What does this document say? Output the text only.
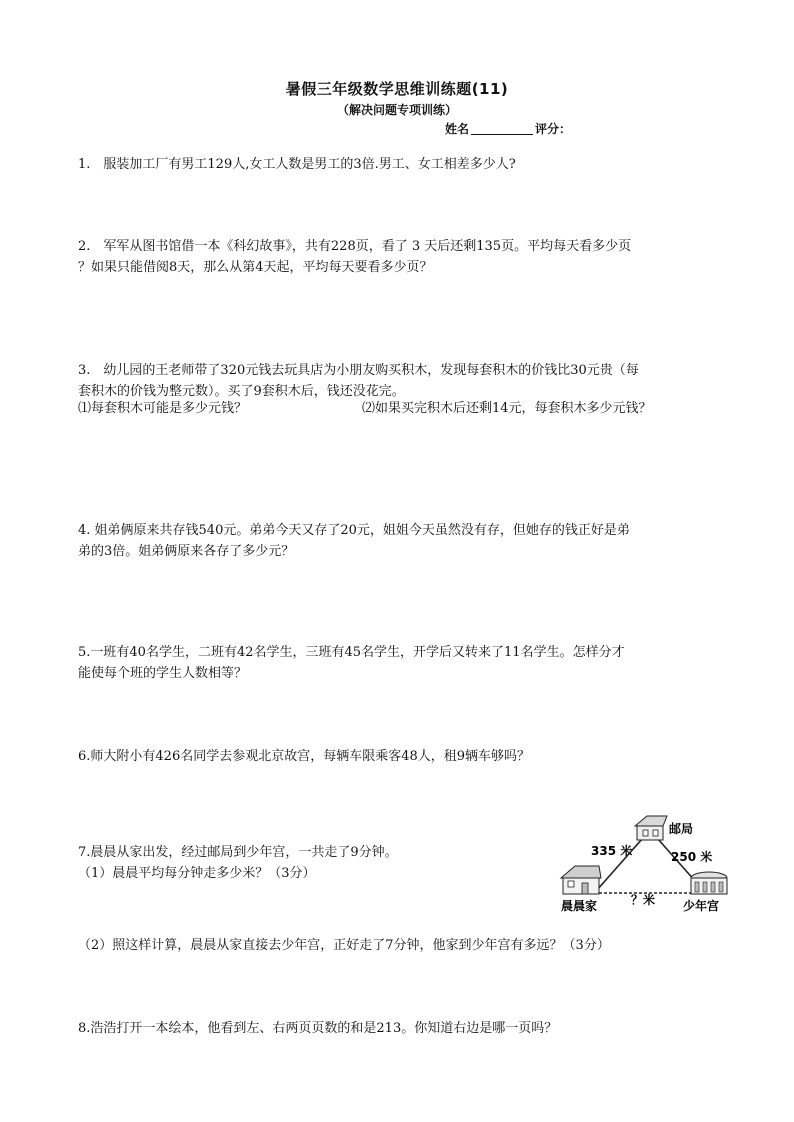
暑假三年级数学思维训练题(11)
（解决问题专项训练）
姓名	评分：
1.　服装加工厂有男工129人,女工人数是男工的3倍.男工、女工相差多少人?
2.　军军从图书馆借一本《科幻故事》，共有228页，看了 3 天后还剩135页。平均每天看多少页
？如果只能借阅8天，那么从第4天起，平均每天要看多少页？
3.　幼儿园的王老师带了320元钱去玩具店为小朋友购买积木，发现每套积木的价钱比30元贵（每
套积木的价钱为整元数）。买了9套积木后，钱还没花完。
⑴每套积木可能是多少元钱？	⑵如果买完积木后还剩14元，每套积木多少元钱？
4. 姐弟俩原来共存钱540元。弟弟今天又存了20元，姐姐今天虽然没有存，但她存的钱正好是弟
弟的3倍。姐弟俩原来各存了多少元？
5.一班有40名学生，二班有42名学生，三班有45名学生，开学后又转来了11名学生。怎样分才
能使每个班的学生人数相等？
6.师大附小有426名同学去参观北京故宫，每辆车限乘客48人，租9辆车够吗？
7.晨晨从家出发，经过邮局到少年宫，一共走了9分钟。
（1）晨晨平均每分钟走多少米？（3分）
（2）照这样计算，晨晨从家直接去少年宫，正好走了7分钟，他家到少年宫有多远？（3分）
邮局
晨晨家	少年宫
335 米	250 米
？米
8.浩浩打开一本绘本，他看到左、右两页页数的和是213。你知道右边是哪一页吗？
